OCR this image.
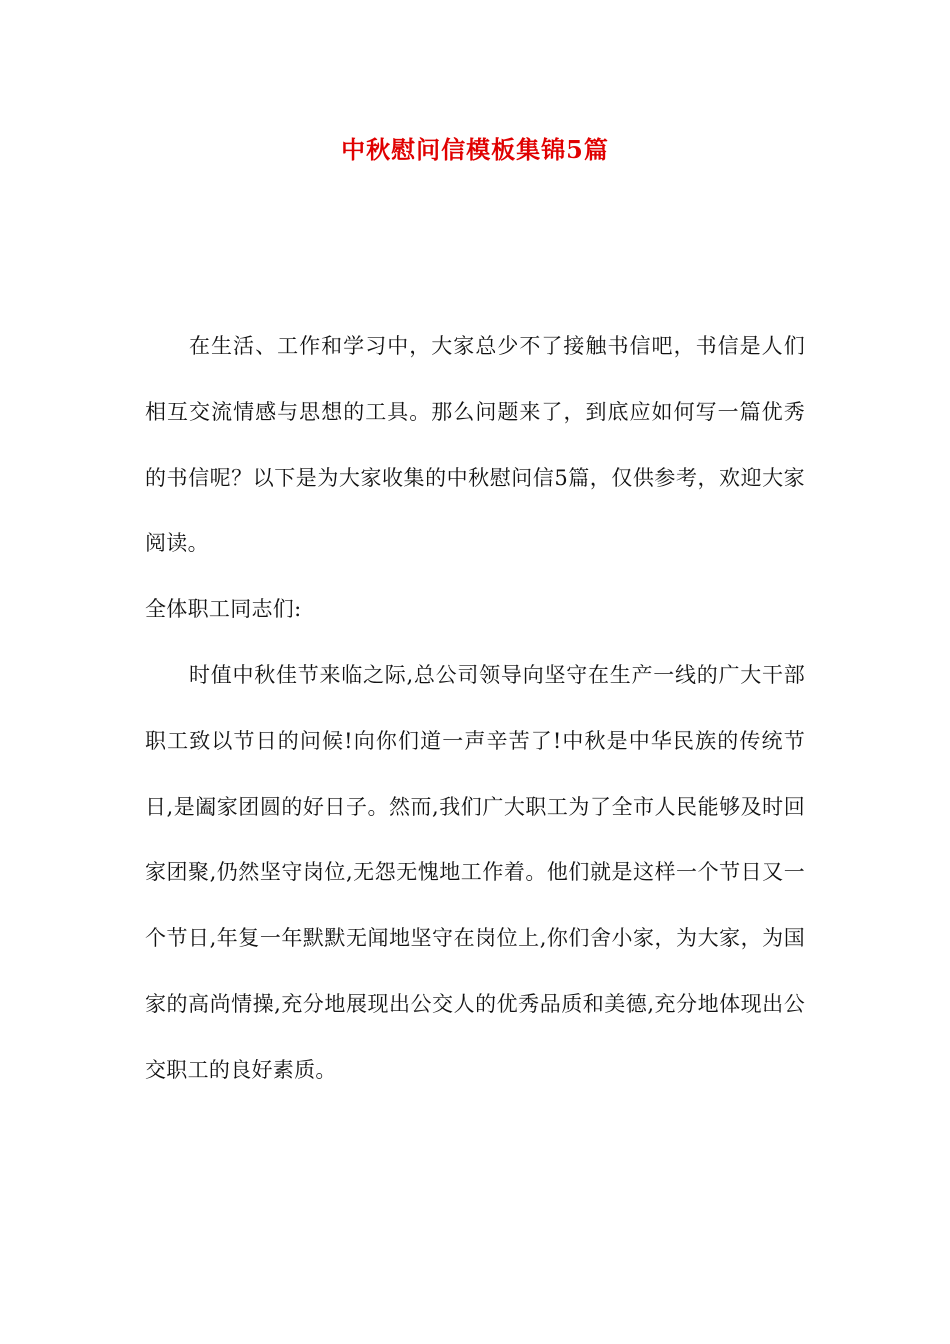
中秋慰问信模板集锦5篇

在生活、工作和学习中，大家总少不了接触书信吧，书信是人们相互交流情感与思想的工具。那么问题来了，到底应如何写一篇优秀的书信呢？以下是为大家收集的中秋慰问信5篇，仅供参考，欢迎大家阅读。

全体职工同志们:

时值中秋佳节来临之际,总公司领导向坚守在生产一线的广大干部职工致以节日的问候!向你们道一声辛苦了!中秋是中华民族的传统节日,是阖家团圆的好日子。然而,我们广大职工为了全市人民能够及时回家团聚,仍然坚守岗位,无怨无愧地工作着。他们就是这样一个节日又一个节日,年复一年默默无闻地坚守在岗位上,你们舍小家，为大家，为国家的高尚情操,充分地展现出公交人的优秀品质和美德,充分地体现出公交职工的良好素质。
